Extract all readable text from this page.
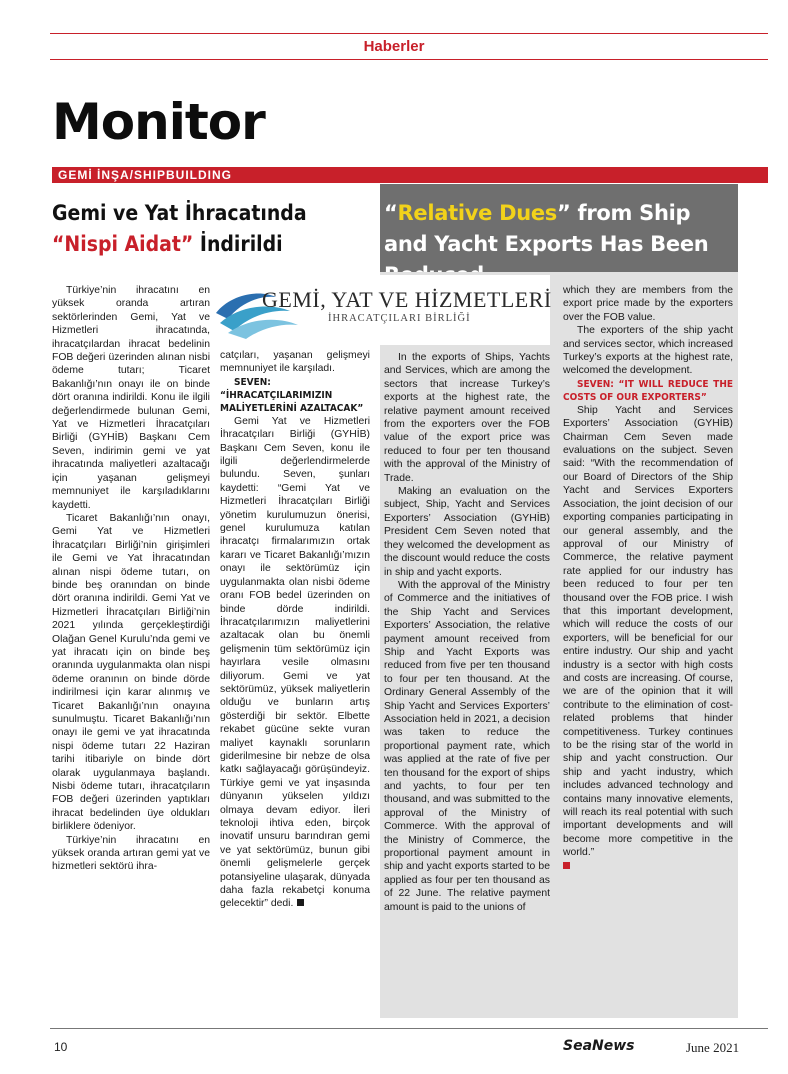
Haberler
Monitor
GEMİ İNŞA/SHIPBUILDING
Gemi ve Yat İhracatında
“Nispi Aidat” İndirildi
“Relative Dues” from Ship and Yacht Exports Has Been
GEMİ, YAT VE HİZMETLERİ
İHRACATÇILARI BİRLİĞİ

Türkiye’nin ihracatını en yüksek oranda artıran sektörlerinden Gemi, Yat ve Hizmetleri ihracatında, ihracatçılardan ihracat bedelinin FOB değeri üzerinden alınan nisbi ödeme tutarı; Ticaret Bakanlığı’nın onayı ile on binde dört oranına indirildi. Konu ile ilgili değerlendirmede bulunan Gemi, Yat ve Hizmetleri İhracatçıları Birliği (GYHİB) Başkanı Cem Seven, indirimin gemi ve yat ihracatında maliyetleri azaltacağı için yaşanan gelişmeyi memnuniyet ile karşıladıklarını kaydetti.

Ticaret Bakanlığı’nın onayı, Gemi Yat ve Hizmetleri İhracatçıları Birliği’nin girişimleri ile Gemi ve Yat İhracatından alınan nispi ödeme tutarı, on binde beş oranından on binde dört oranına indirildi. Gemi Yat ve Hizmetleri İhracatçıları Birliği’nin 2021 yılında gerçekleştirdiği Olağan Genel Kurulu’nda gemi ve yat ihracatı için on binde beş oranında uygulanmakta olan nispi ödeme oranının on binde dörde indirilmesi için karar alınmış ve Ticaret Bakanlığı’nın onayına sunulmuştu. Ticaret Bakanlığı’nın onayı ile gemi ve yat ihracatında nispi ödeme tutarı 22 Haziran tarihi itibariyle on binde dört olarak uygulanmaya başlandı. Nisbi ödeme tutarı, ihracatçıların FOB değeri üzerinden yaptıkları ihracat bedelinden üye oldukları birliklere ödeniyor.

Türkiye’nin ihracatını en yüksek oranda artıran gemi yat ve hizmetleri sektörü ihra-

catçıları, yaşanan gelişmeyi memnuniyet ile karşıladı.

SEVEN: “İHRACATÇILARIMIZIN MALİYETLERİNİ AZALTACAK”

Gemi Yat ve Hizmetleri İhracatçıları Birliği (GYHİB) Başkanı Cem Seven, konu ile ilgili değerlendirmelerde bulundu. Seven, şunları kaydetti: “Gemi Yat ve Hizmetleri İhracatçıları Birliği yönetim kurulumuzun önerisi, genel kurulumuza katılan ihracatçı firmalarımızın ortak kararı ve Ticaret Bakanlığı’mızın onayı ile sektörümüz için uygulanmakta olan nisbi ödeme oranı FOB bedel üzerinden on binde dörde indirildi. İhracatçılarımızın maliyetlerini azaltacak olan bu önemli gelişmenin tüm sektörümüz için hayırlara vesile olmasını diliyorum. Gemi ve yat sektörümüz, yüksek maliyetlerin olduğu ve bunların artış gösterdiği bir sektör. Elbette rekabet gücüne sekte vuran maliyet kaynaklı sorunların giderilmesine bir nebze de olsa katkı sağlayacağı görüşündeyiz. Türkiye gemi ve yat inşasında dünyanın yükselen yıldızı olmaya devam ediyor. İleri teknoloji ihtiva eden, birçok inovatif unsuru barındıran gemi ve yat sektörümüz, bunun gibi önemli gelişmelerle gerçek potansiyeline ulaşarak, dünyada daha fazla rekabetçi konuma gelecektir” dedi.

In the exports of Ships, Yachts and Services, which are among the sectors that increase Turkey’s exports at the highest rate, the relative payment amount received from the exporters over the FOB value of the export price was reduced to four per ten thousand with the approval of the Ministry of Trade.

Making an evaluation on the subject, Ship, Yacht and Services Exporters’ Association (GYHİB) President Cem Seven noted that they welcomed the development as the discount would reduce the costs in ship and yacht exports.

With the approval of the Ministry of Commerce and the initiatives of the Ship Yacht and Services Exporters’ Association, the relative payment amount received from Ship and Yacht Exports was reduced from five per ten thousand to four per ten thousand. At the Ordinary General Assembly of the Ship Yacht and Services Exporters’ Association held in 2021, a decision was taken to reduce the proportional payment rate, which was applied at the rate of five per ten thousand for the export of ships and yachts, to four per ten thousand, and was submitted to the approval of the Ministry of Commerce. With the approval of the Ministry of Commerce, the proportional payment amount in ship and yacht exports started to be applied as four per ten thousand as of 22 June. The relative payment amount is paid to the unions of

which they are members from the export price made by the exporters over the FOB value.

The exporters of the ship yacht and services sector, which increased Turkey’s exports at the highest rate, welcomed the development.

SEVEN: “IT WILL REDUCE THE COSTS OF OUR EXPORTERS”

Ship Yacht and Services Exporters’ Association (GYHİB) Chairman Cem Seven made evaluations on the subject. Seven said: “With the recommendation of our Board of Directors of the Ship Yacht and Services Exporters Association, the joint decision of our exporting companies participating in our general assembly, and the approval of our Ministry of Commerce, the relative payment rate applied for our industry has been reduced to four per ten thousand over the FOB price. I wish that this important development, which will reduce the costs of our exporters, will be beneficial for our entire industry. Our ship and yacht industry is a sector with high costs and costs are increasing. Of course, we are of the opinion that it will contribute to the elimination of cost-related problems that hinder competitiveness. Turkey continues to be the rising star of the world in ship and yacht construction. Our ship and yacht industry, which includes advanced technology and contains many innovative elements, will reach its real potential with such important developments and will become more competitive in the world.”

10	SeaNews	June 2021
